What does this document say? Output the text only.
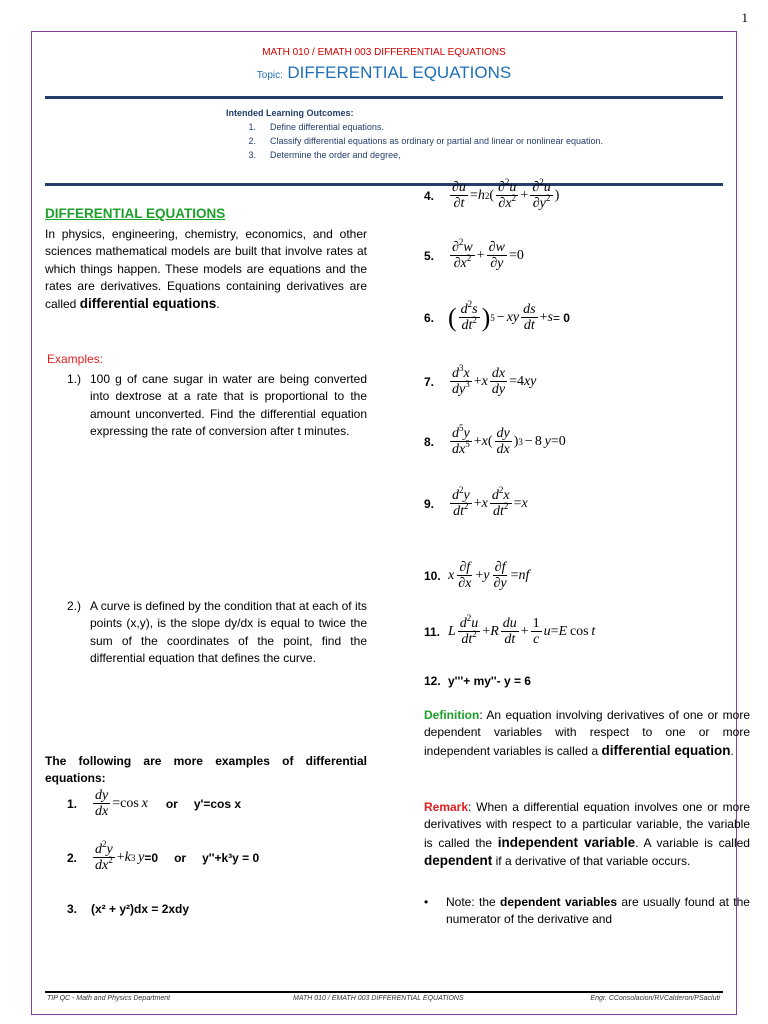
1
MATH 010 / EMATH 003 DIFFERENTIAL EQUATIONS
Topic: DIFFERENTIAL EQUATIONS
Intended Learning Outcomes:
1.	Define differential equations.
2.	Classify differential equations as ordinary or partial and linear or nonlinear equation.
3.	Determine the order and degree,
DIFFERENTIAL EQUATIONS
In physics, engineering, chemistry, economics, and other sciences mathematical models are built that involve rates at which things happen. These models are equations and the rates are derivatives. Equations containing derivatives are called differential equations.
Examples:
1.) 100 g of cane sugar in water are being converted into dextrose at a rate that is proportional to the amount unconverted. Find the differential equation expressing the rate of conversion after t minutes.
2.) A curve is defined by the condition that at each of its points (x,y), is the slope dy/dx is equal to twice the sum of the coordinates of the point, find the differential equation that defines the curve.
The following are more examples of differential equations:
1.	$\frac{dy}{dx} =\cos$  x or y'=cos x
2.	$\frac{d^2y}{dx^2} + k$ 3
  y =0 or y''+k³y = 0
3.	(x² + y²)dx = 2xdy
4.	$\frac{\partial u}{\partial t} = h$ 2 ( $\frac{\partial^2u}{\partial x^2} + \frac{\partial^2u}{\partial y^2}$ )
5.	$\frac{\partial^2w}{\partial x^2} + \frac{\partial w}{\partial y} =0$
6. ( $\frac{d^2s}{dt^2}$ ) 5 − xy $\frac{ds}{dt} + s = 0$
7.	$\frac{d^3x}{dy^3} + x \frac{dx}{dy} =4$ xy
8.	$\frac{d^5y}{dx^5} + x$ ( $\frac{dy}{dx}$ ) 3 − 8  y =0
9.	$\frac{d^2y}{dt^2} + x \frac{d^2x}{dt^2} = x$
10. x $\frac{\partial f}{\partial x} + y \frac{\partial f}{\partial y}$ = nf
11. L $\frac{d^2u}{dt^2} + R \frac{du}{dt} + \frac{1}{c}$ u = E  cos  t
12. y'''+ my''- y = 6
Definition: An equation involving derivatives of one or more dependent variables with respect to one or more independent variables is called a differential equation.
Remark: When a differential equation involves one or more derivatives with respect to a particular variable, the variable is called the independent variable. A variable is called dependent if a derivative of that variable occurs.
•	Note: the dependent variables are usually found at the numerator of the derivative and
TIP QC - Math and Physics Department	MATH 010 / EMATH 003 DIFFERENTIAL EQUATIONS	Engr. CConsolacion/RVCalderon/PSacluti
